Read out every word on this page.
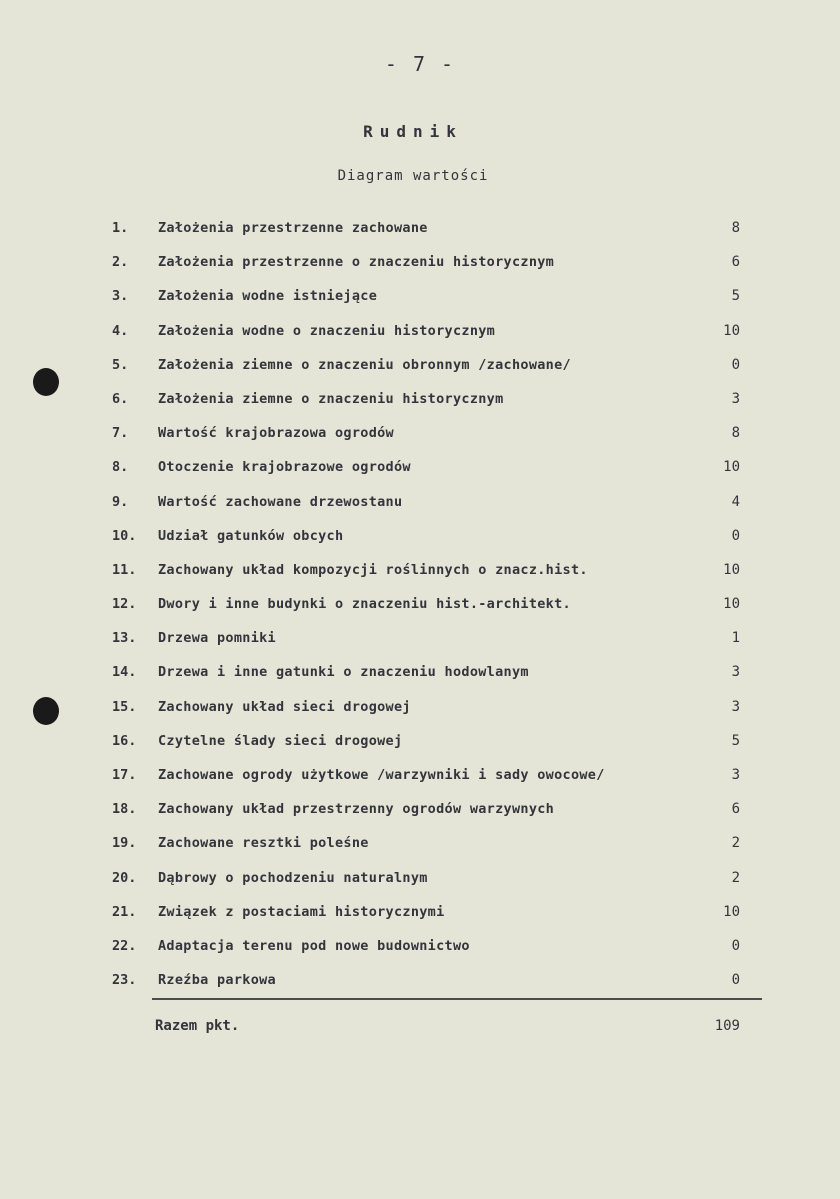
- 7 -
Rudnik
Diagram wartości
1.	Założenia przestrzenne zachowane	8
2.	Założenia przestrzenne o znaczeniu historycznym	6
3.	Założenia wodne istniejące	5
4.	Założenia wodne o znaczeniu historycznym	10
5.	Założenia ziemne o znaczeniu obronnym /zachowane/	0
6.	Założenia ziemne o znaczeniu historycznym	3
7.	Wartość krajobrazowa ogrodów	8
8.	Otoczenie krajobrazowe ogrodów	10
9.	Wartość zachowane drzewostanu	4
10.	Udział gatunków obcych	0
11.	Zachowany układ kompozycji roślinnych o znacz.hist.	10
12.	Dwory i inne budynki o znaczeniu hist.-architekt.	10
13.	Drzewa pomniki	1
14.	Drzewa i inne gatunki o znaczeniu hodowlanym	3
15.	Zachowany układ sieci drogowej	3
16.	Czytelne ślady sieci drogowej	5
17.	Zachowane ogrody użytkowe /warzywniki i sady owocowe/	3
18.	Zachowany układ przestrzenny ogrodów warzywnych	6
19.	Zachowane resztki poleśne	2
20.	Dąbrowy o pochodzeniu naturalnym	2
21.	Związek z postaciami historycznymi	10
22.	Adaptacja terenu pod nowe budownictwo	0
23.	Rzeźba parkowa	0
Razem pkt.	109
